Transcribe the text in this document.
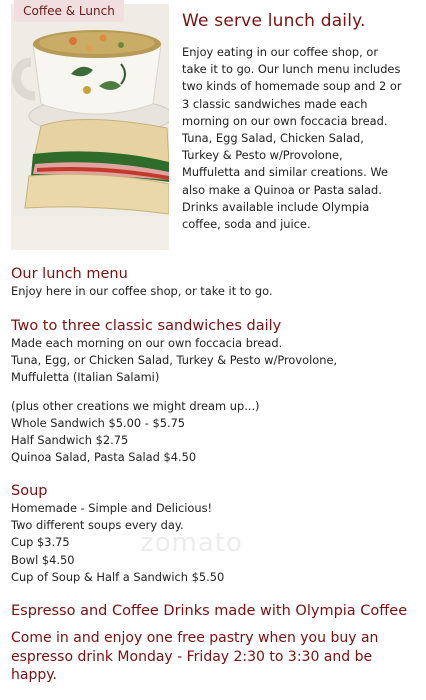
Coffee & Lunch	We serve lunch daily.
Enjoy eating in our coffee shop, or
take it to go. Our lunch menu includes
two kinds of homemade soup and 2 or
3 classic sandwiches made each
morning on our own foccacia bread.
Tuna, Egg Salad, Chicken Salad,
Turkey & Pesto w/Provolone,
Muffuletta and similar creations. We
also make a Quinoa or Pasta salad.
Drinks available include Olympia
coffee, soda and juice.
Our lunch menu

Enjoy here in our coffee shop, or take it to go.

Two to three classic sandwiches daily

Made each morning on our own foccacia bread.

Tuna, Egg, or Chicken Salad, Turkey & Pesto w/Provolone,

Muffuletta (Italian Salami)

(plus other creations we might dream up...)

Whole Sandwich $5.00 - $5.75

Half Sandwich $2.75

Quinoa Salad, Pasta Salad $4.50

Soup

Homemade - Simple and Delicious!

Two different soups every day.

Cup $3.75

Bowl $4.50

Cup of Soup & Half a Sandwich $5.50

zomato
Espresso and Coffee Drinks made with Olympia Coffee

Come in and enjoy one free pastry when you buy an

espresso drink Monday - Friday 2:30 to 3:30 and be

happy.
